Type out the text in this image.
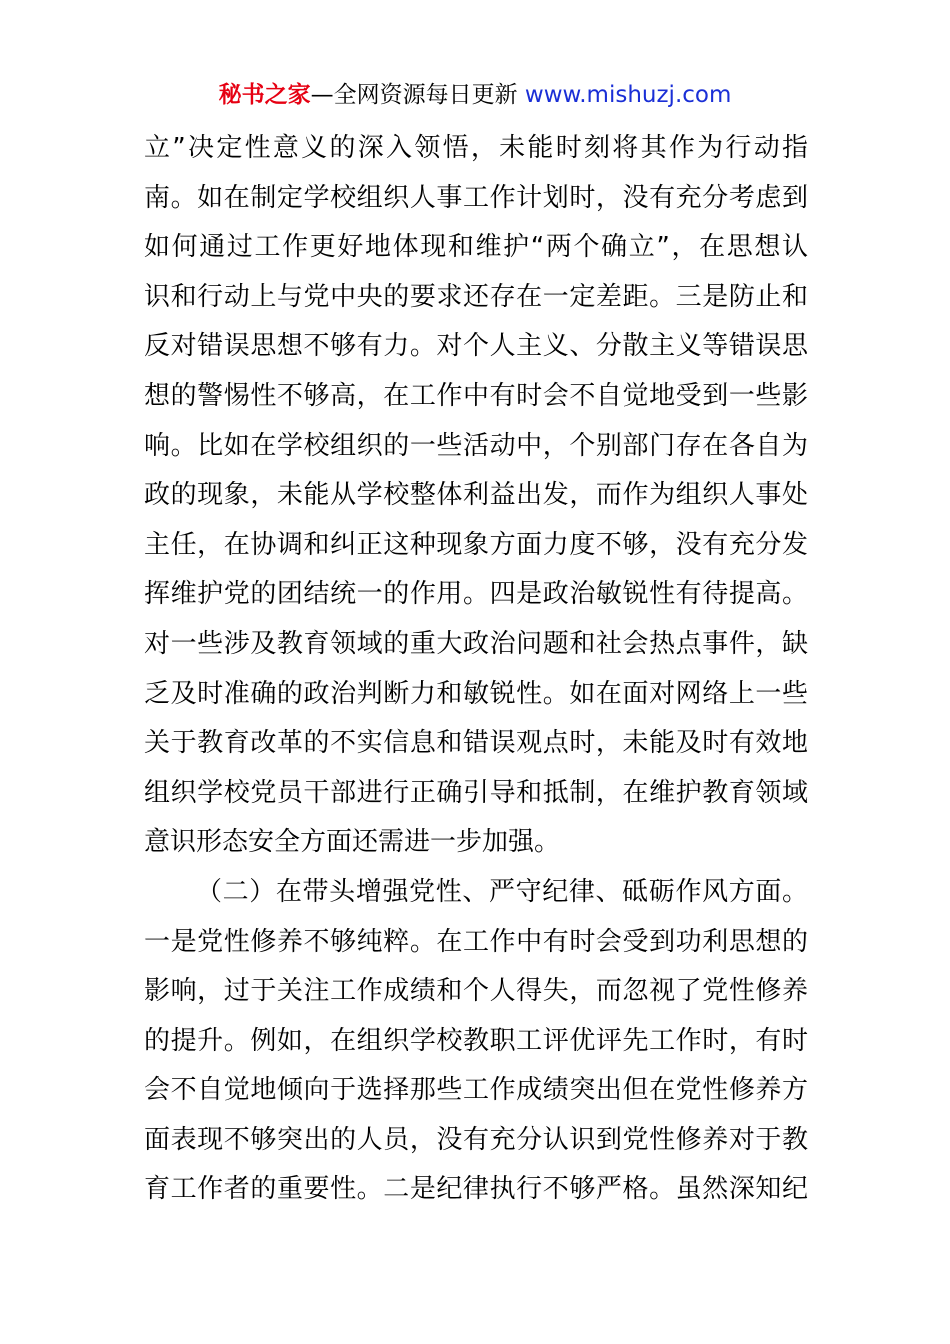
秘书之家—全网资源每日更新 www.mishuzj.com
立”决定性意义的深入领悟，未能时刻将其作为行动指
南。如在制定学校组织人事工作计划时，没有充分考虑到
如何通过工作更好地体现和维护“两个确立”，在思想认
识和行动上与党中央的要求还存在一定差距。三是防止和
反对错误思想不够有力。对个人主义、分散主义等错误思
想的警惕性不够高，在工作中有时会不自觉地受到一些影
响。比如在学校组织的一些活动中，个别部门存在各自为
政的现象，未能从学校整体利益出发，而作为组织人事处
主任，在协调和纠正这种现象方面力度不够，没有充分发
挥维护党的团结统一的作用。四是政治敏锐性有待提高。
对一些涉及教育领域的重大政治问题和社会热点事件，缺
乏及时准确的政治判断力和敏锐性。如在面对网络上一些
关于教育改革的不实信息和错误观点时，未能及时有效地
组织学校党员干部进行正确引导和抵制，在维护教育领域
意识形态安全方面还需进一步加强。
（二）在带头增强党性、严守纪律、砥砺作风方面。
一是党性修养不够纯粹。在工作中有时会受到功利思想的
影响，过于关注工作成绩和个人得失，而忽视了党性修养
的提升。例如，在组织学校教职工评优评先工作时，有时
会不自觉地倾向于选择那些工作成绩突出但在党性修养方
面表现不够突出的人员，没有充分认识到党性修养对于教
育工作者的重要性。二是纪律执行不够严格。虽然深知纪
